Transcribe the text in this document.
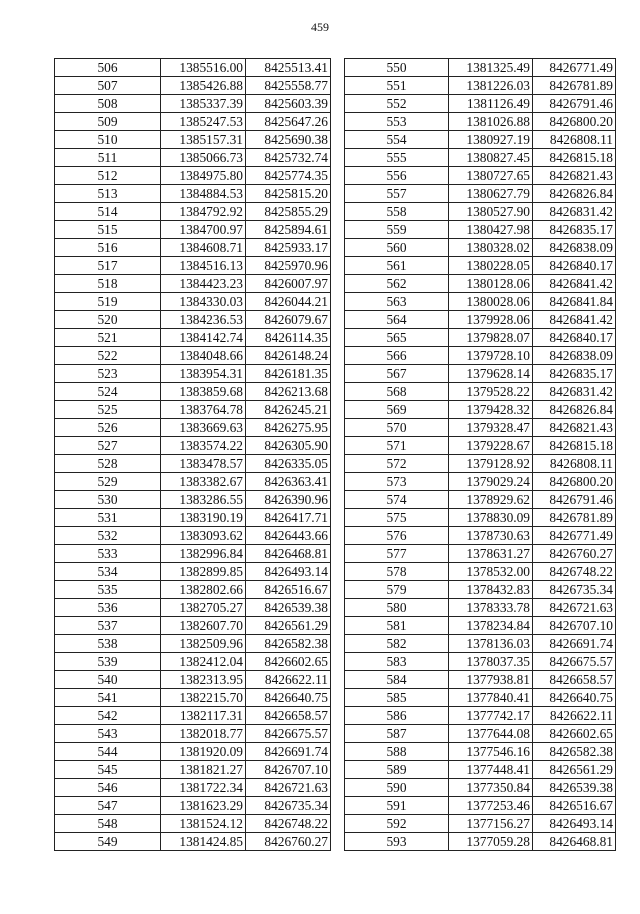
459
506	1385516.00	8425513.41
507	1385426.88	8425558.77
508	1385337.39	8425603.39
509	1385247.53	8425647.26
510	1385157.31	8425690.38
511	1385066.73	8425732.74
512	1384975.80	8425774.35
513	1384884.53	8425815.20
514	1384792.92	8425855.29
515	1384700.97	8425894.61
516	1384608.71	8425933.17
517	1384516.13	8425970.96
518	1384423.23	8426007.97
519	1384330.03	8426044.21
520	1384236.53	8426079.67
521	1384142.74	8426114.35
522	1384048.66	8426148.24
523	1383954.31	8426181.35
524	1383859.68	8426213.68
525	1383764.78	8426245.21
526	1383669.63	8426275.95
527	1383574.22	8426305.90
528	1383478.57	8426335.05
529	1383382.67	8426363.41
530	1383286.55	8426390.96
531	1383190.19	8426417.71
532	1383093.62	8426443.66
533	1382996.84	8426468.81
534	1382899.85	8426493.14
535	1382802.66	8426516.67
536	1382705.27	8426539.38
537	1382607.70	8426561.29
538	1382509.96	8426582.38
539	1382412.04	8426602.65
540	1382313.95	8426622.11
541	1382215.70	8426640.75
542	1382117.31	8426658.57
543	1382018.77	8426675.57
544	1381920.09	8426691.74
545	1381821.27	8426707.10
546	1381722.34	8426721.63
547	1381623.29	8426735.34
548	1381524.12	8426748.22
549	1381424.85	8426760.27
550	1381325.49	8426771.49
551	1381226.03	8426781.89
552	1381126.49	8426791.46
553	1381026.88	8426800.20
554	1380927.19	8426808.11
555	1380827.45	8426815.18
556	1380727.65	8426821.43
557	1380627.79	8426826.84
558	1380527.90	8426831.42
559	1380427.98	8426835.17
560	1380328.02	8426838.09
561	1380228.05	8426840.17
562	1380128.06	8426841.42
563	1380028.06	8426841.84
564	1379928.06	8426841.42
565	1379828.07	8426840.17
566	1379728.10	8426838.09
567	1379628.14	8426835.17
568	1379528.22	8426831.42
569	1379428.32	8426826.84
570	1379328.47	8426821.43
571	1379228.67	8426815.18
572	1379128.92	8426808.11
573	1379029.24	8426800.20
574	1378929.62	8426791.46
575	1378830.09	8426781.89
576	1378730.63	8426771.49
577	1378631.27	8426760.27
578	1378532.00	8426748.22
579	1378432.83	8426735.34
580	1378333.78	8426721.63
581	1378234.84	8426707.10
582	1378136.03	8426691.74
583	1378037.35	8426675.57
584	1377938.81	8426658.57
585	1377840.41	8426640.75
586	1377742.17	8426622.11
587	1377644.08	8426602.65
588	1377546.16	8426582.38
589	1377448.41	8426561.29
590	1377350.84	8426539.38
591	1377253.46	8426516.67
592	1377156.27	8426493.14
593	1377059.28	8426468.81
